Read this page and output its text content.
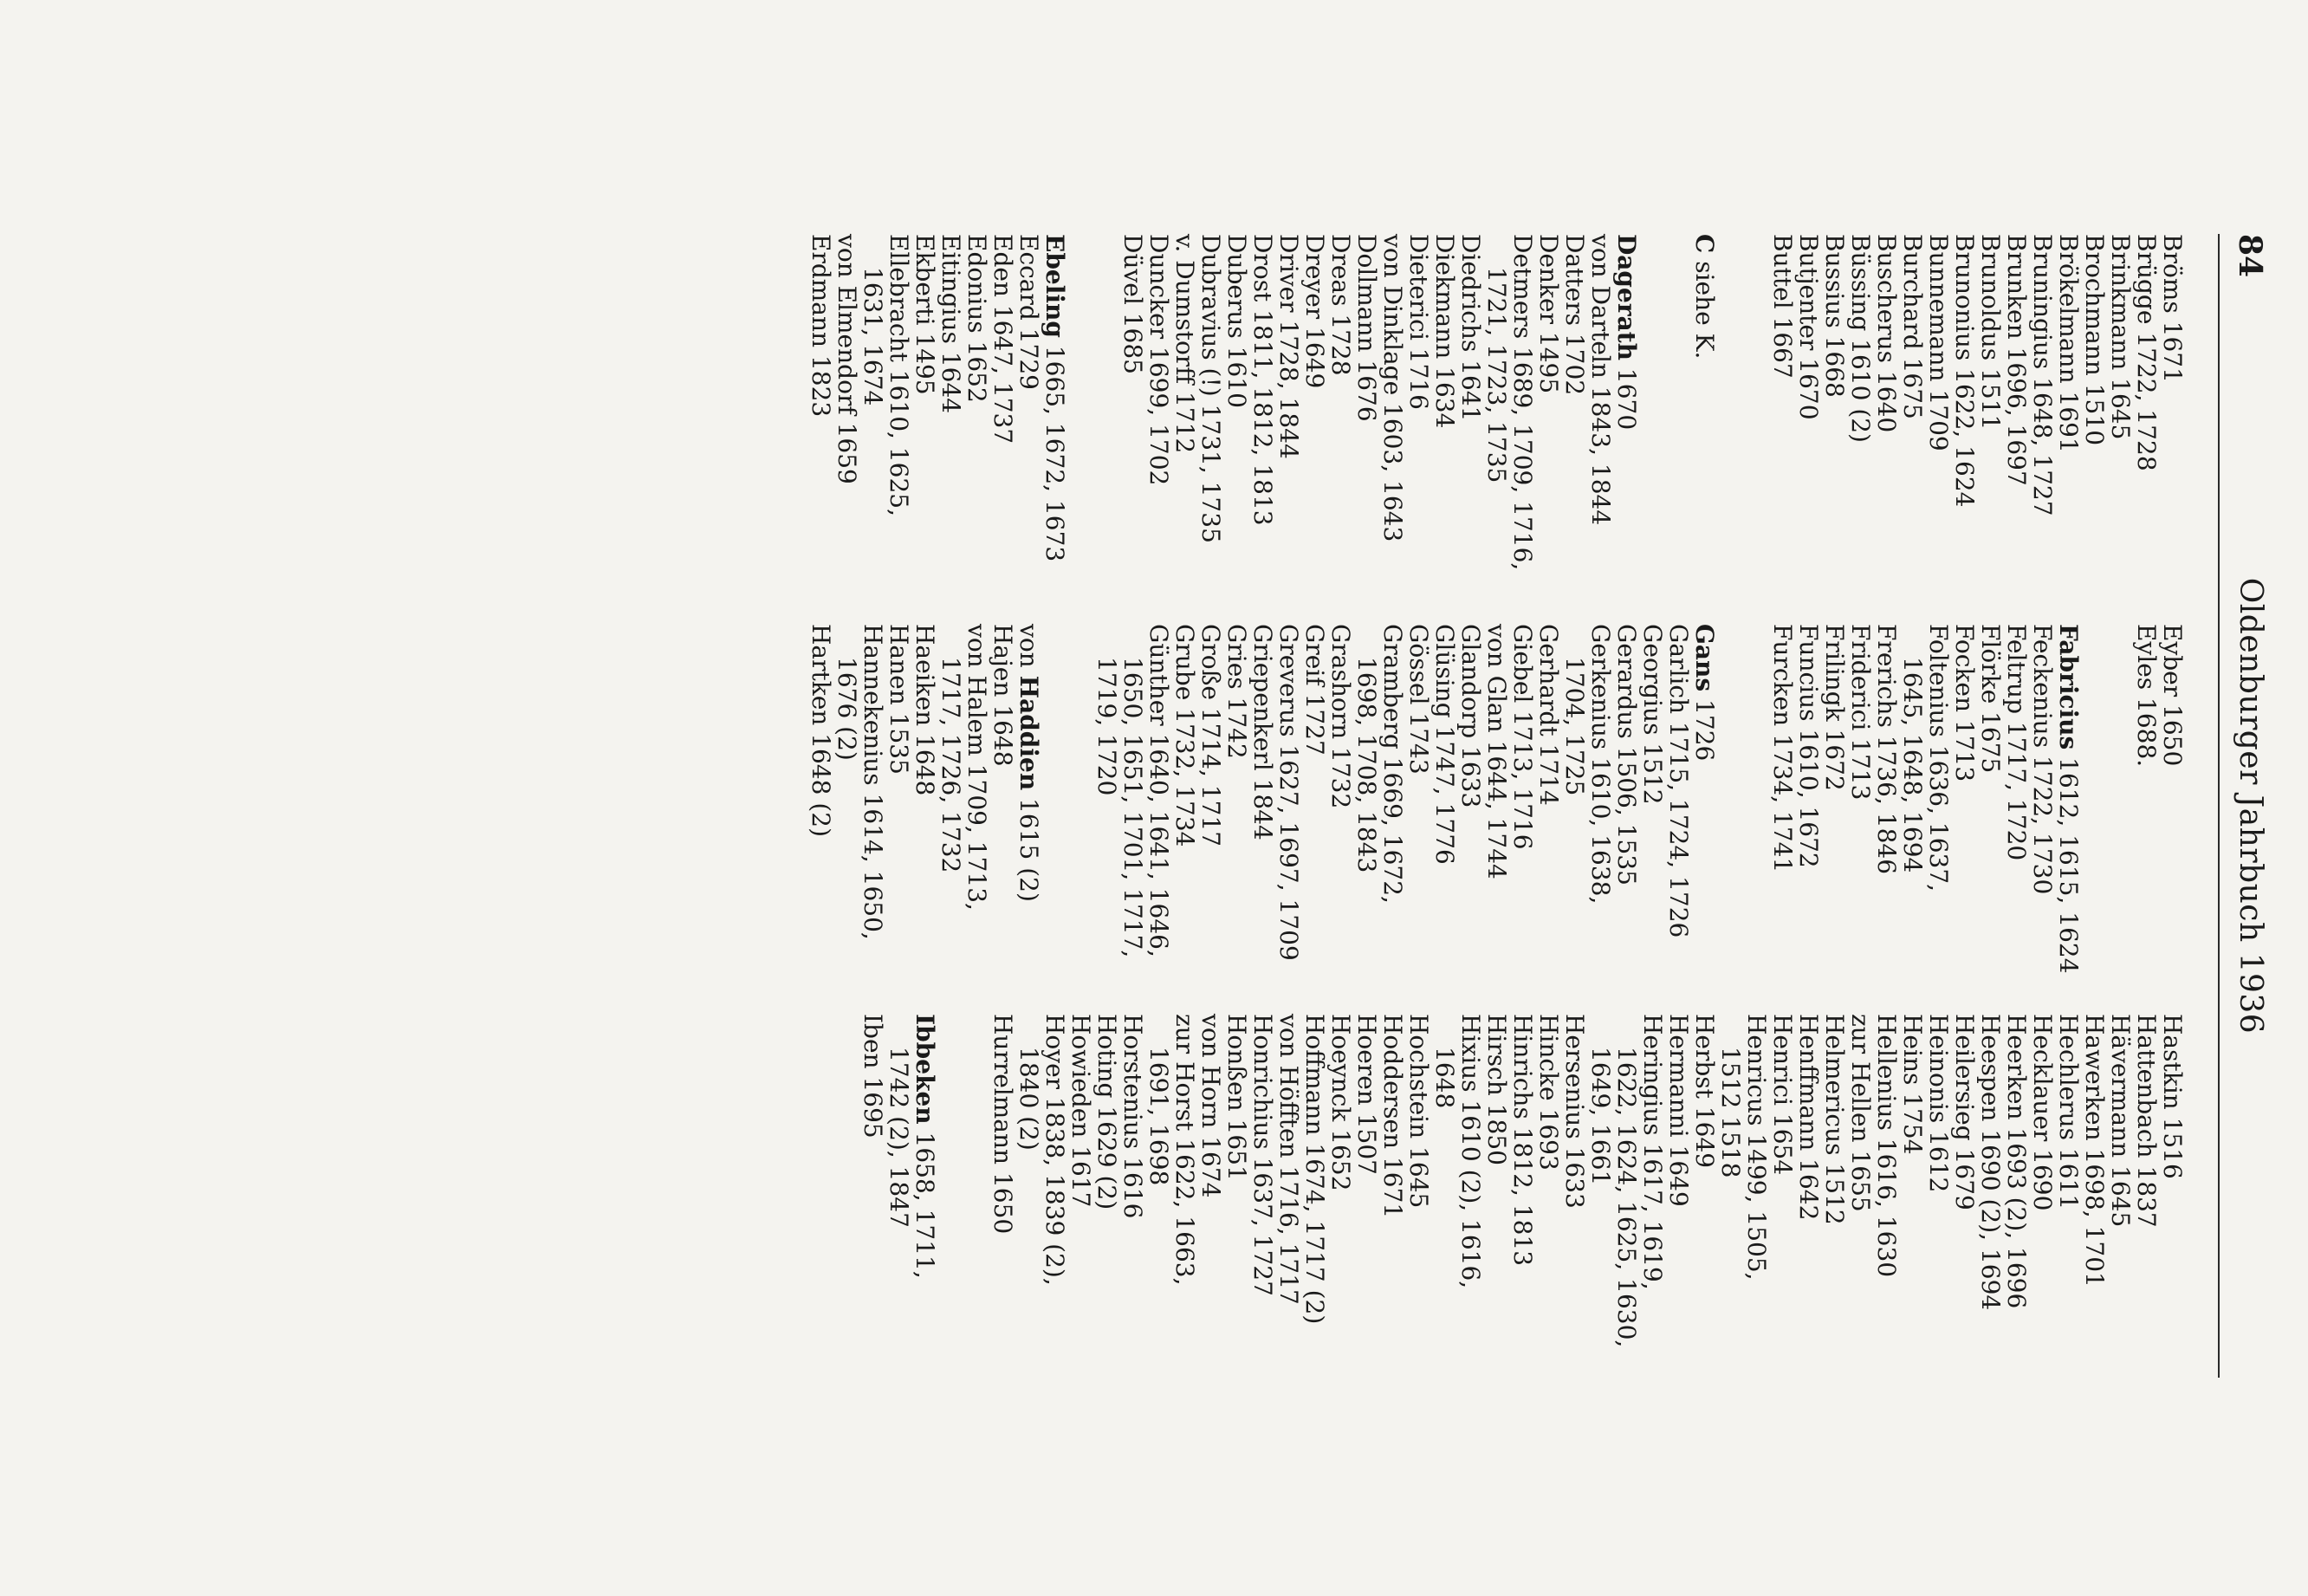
84
Oldenburger Jahrbuch 1936
Bröms 1671
Brügge 1722, 1728
Brinkmann 1645
Brochmann 1510
Brökelmann 1691
Bruningius 1648, 1727
Brunken 1696, 1697
Brunoldus 1511
Brunonius 1622, 1624
Bunnemann 1709
Burchard 1675
Buscherus 1640
Büssing 1610 (2)
Bussius 1668
Butjenter 1670
Buttel 1667
C siehe K.
Dagerath 1670
von Darteln 1843, 1844
Datters 1702
Denker 1495
Detmers 1689, 1709, 1716,
1721, 1723, 1735
Diedrichs 1641
Diekmann 1634
Dieterici 1716
von Dinklage 1603, 1643
Dollmann 1676
Dreas 1728
Dreyer 1649
Driver 1728, 1844
Drost 1811, 1812, 1813
Duberus 1610
Dubravius (!) 1731, 1735
v. Dumstorff 1712
Duncker 1699, 1702
Düvel 1685
Ebeling 1665, 1672, 1673
Eccard 1729
Eden 1647, 1737
Edonius 1652
Eitingius 1644
Ekberti 1495
Ellebracht 1610, 1625,
1631, 1674
von Elmendorf 1659
Erdmann 1823
Eyber 1650
Eyles 1688.
Fabricius 1612, 1615, 1624
Feckenius 1722, 1730
Feltrup 1717, 1720
Flörke 1675
Focken 1713
Foltenius 1636, 1637,
1645, 1648, 1694
Frerichs 1736, 1846
Friderici 1713
Frilingk 1672
Funcius 1610, 1672
Furcken 1734, 1741
Gans 1726
Garlich 1715, 1724, 1726
Georgius 1512
Gerardus 1506, 1535
Gerkenius 1610, 1638,
1704, 1725
Gerhardt 1714
Giebel 1713, 1716
von Glan 1644, 1744
Glandorp 1633
Glüsing 1747, 1776
Gössel 1743
Gramberg 1669, 1672,
1698, 1708, 1843
Grashorn 1732
Greif 1727
Greverus 1627, 1697, 1709
Griepenkerl 1844
Gries 1742
Große 1714, 1717
Grube 1732, 1734
Günther 1640, 1641, 1646,
1650, 1651, 1701, 1717,
1719, 1720
von Haddien 1615 (2)
Hajen 1648
von Halem 1709, 1713,
1717, 1726, 1732
Haeiken 1648
Hanen 1535
Hannekenius 1614, 1650,
1676 (2)
Hartken 1648 (2)
Hastkin 1516
Hattenbach 1837
Hävermann 1645
Hawerken 1698, 1701
Hechlerus 1611
Hecklauer 1690
Heerken 1693 (2), 1696
Heespen 1690 (2), 1694
Heilersieg 1679
Heinonis 1612
Heins 1754
Hellenius 1616, 1630
zur Hellen 1655
Helmericus 1512
Henffmann 1642
Henrici 1654
Henricus 1499, 1505,
1512 1518
Herbst 1649
Hermanni 1649
Heringius 1617, 1619,
1622, 1624, 1625, 1630,
1649, 1661
Hersenius 1633
Hincke 1693
Hinrichs 1812, 1813
Hirsch 1850
Hixius 1610 (2), 1616,
1648
Hochstein 1645
Hoddersen 1671
Hoeren 1507
Hoeynck 1652
Hoffmann 1674, 1717 (2)
von Höfften 1716, 1717
Honrichius 1637, 1727
Honßen 1651
von Horn 1674
zur Horst 1622, 1663,
1691, 1698
Horstenius 1616
Hoting 1629 (2)
Howieden 1617
Hoyer 1838, 1839 (2),
1840 (2)
Hurrelmann 1650
Ibbeken 1658, 1711,
1742 (2), 1847
Iben 1695
